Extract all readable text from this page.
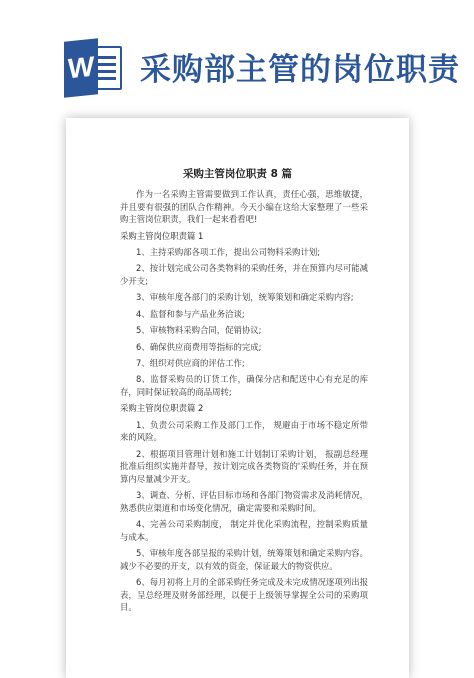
W 采购部主管的岗位职责
采购主管岗位职责 8 篇

作为一名采购主管需要做到工作认真，责任心强，思维敏捷，并且要有很强的团队合作精神。今天小编在这给大家整理了一些采购主管岗位职责，我们一起来看看吧!

采购主管岗位职责篇 1

1、主持采购部各项工作，提出公司物料采购计划;

2、按计划完成公司各类物料的采购任务，并在预算内尽可能减少开支;

3、审核年度各部门的采购计划，统筹策划和确定采购内容;

4、监督和参与产品业务洽谈;

5、审核物料采购合同，促销协议;

6、确保供应商费用等指标的完成;

7、组织对供应商的评估工作;

8、监督采购员的订货工作，确保分店和配送中心有充足的库存，同时保证较高的商品周转;

采购主管岗位职责篇 2

1、负责公司采购工作及部门工作， 规避由于市场不稳定所带来的风险。

2、根据项目管理计划和施工计划制订采购计划， 报副总经理批准后组织实施并督导，按计划完成各类物资的'采购任务，并在预算内尽量减少开支。

3、调查、分析、评估目标市场和各部门物资需求及消耗情况， 熟悉供应渠道和市场变化情况，确定需要和采购时间。

4、完善公司采购制度， 制定并优化采购流程，控制采购质量与成本。

5、审核年度各部呈报的采购计划，统筹策划和确定采购内容。减少不必要的开支，以有效的资金，保证最大的物资供应。

6、每月初将上月的全部采购任务完成及未完成情况逐项列出报表，呈总经理及财务部经理，以便于上级领导掌握全公司的采购项目。
